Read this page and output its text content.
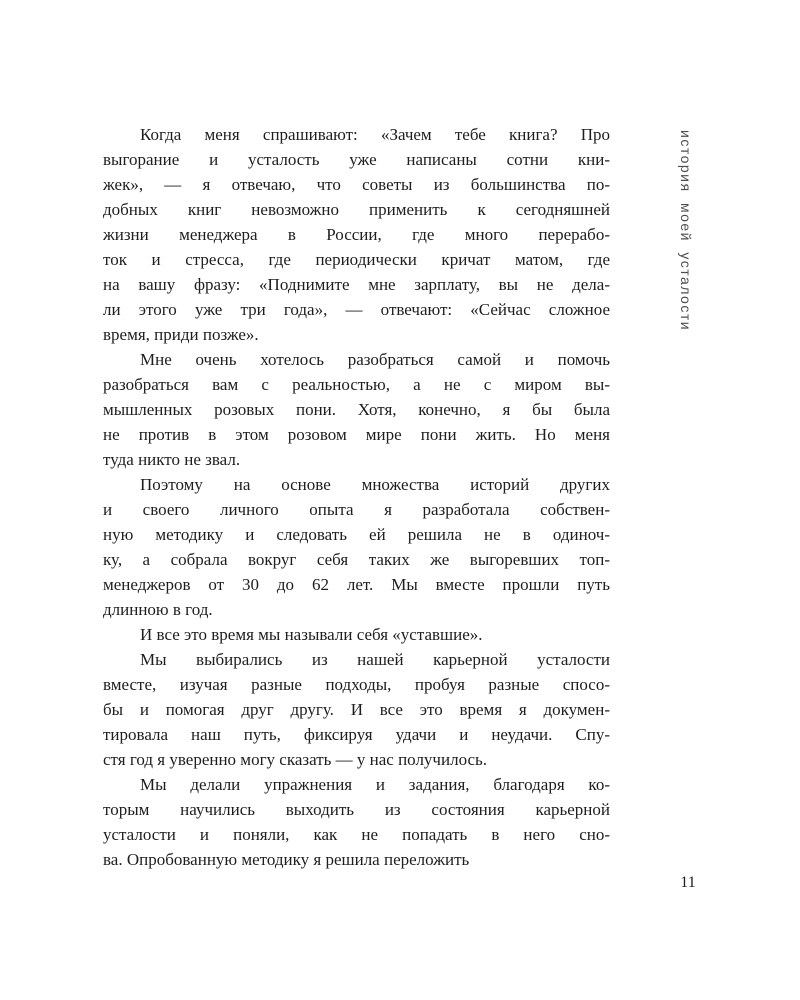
Когда меня спрашивают: «Зачем тебе книга? Про
выгорание и усталость уже написаны сотни кни-
жек», — я отвечаю, что советы из большинства по-
добных книг невозможно применить к сегодняшней
жизни менеджера в России, где много перерабо-
ток и стресса, где периодически кричат матом, где
на вашу фразу: «Поднимите мне зарплату, вы не дела-
ли этого уже три года», — отвечают: «Сейчас сложное
время, приди позже».
Мне очень хотелось разобраться самой и помочь
разобраться вам с реальностью, а не с миром вы-
мышленных розовых пони. Хотя, конечно, я бы была
не против в этом розовом мире пони жить. Но меня
туда никто не звал.
Поэтому на основе множества историй других
и своего личного опыта я разработала собствен-
ную методику и следовать ей решила не в одиноч-
ку, а собрала вокруг себя таких же выгоревших топ-
менеджеров от 30 до 62 лет. Мы вместе прошли путь
длинною в год.
И все это время мы называли себя «уставшие».
Мы выбирались из нашей карьерной усталости
вместе, изучая разные подходы, пробуя разные спосо-
бы и помогая друг другу. И все это время я докумен-
тировала наш путь, фиксируя удачи и неудачи. Спу-
стя год я уверенно могу сказать — у нас получилось.
Мы делали упражнения и задания, благодаря ко-
торым научились выходить из состояния карьерной
усталости и поняли, как не попадать в него сно-
ва. Опробованную методику я решила переложить
история моей усталости
11
